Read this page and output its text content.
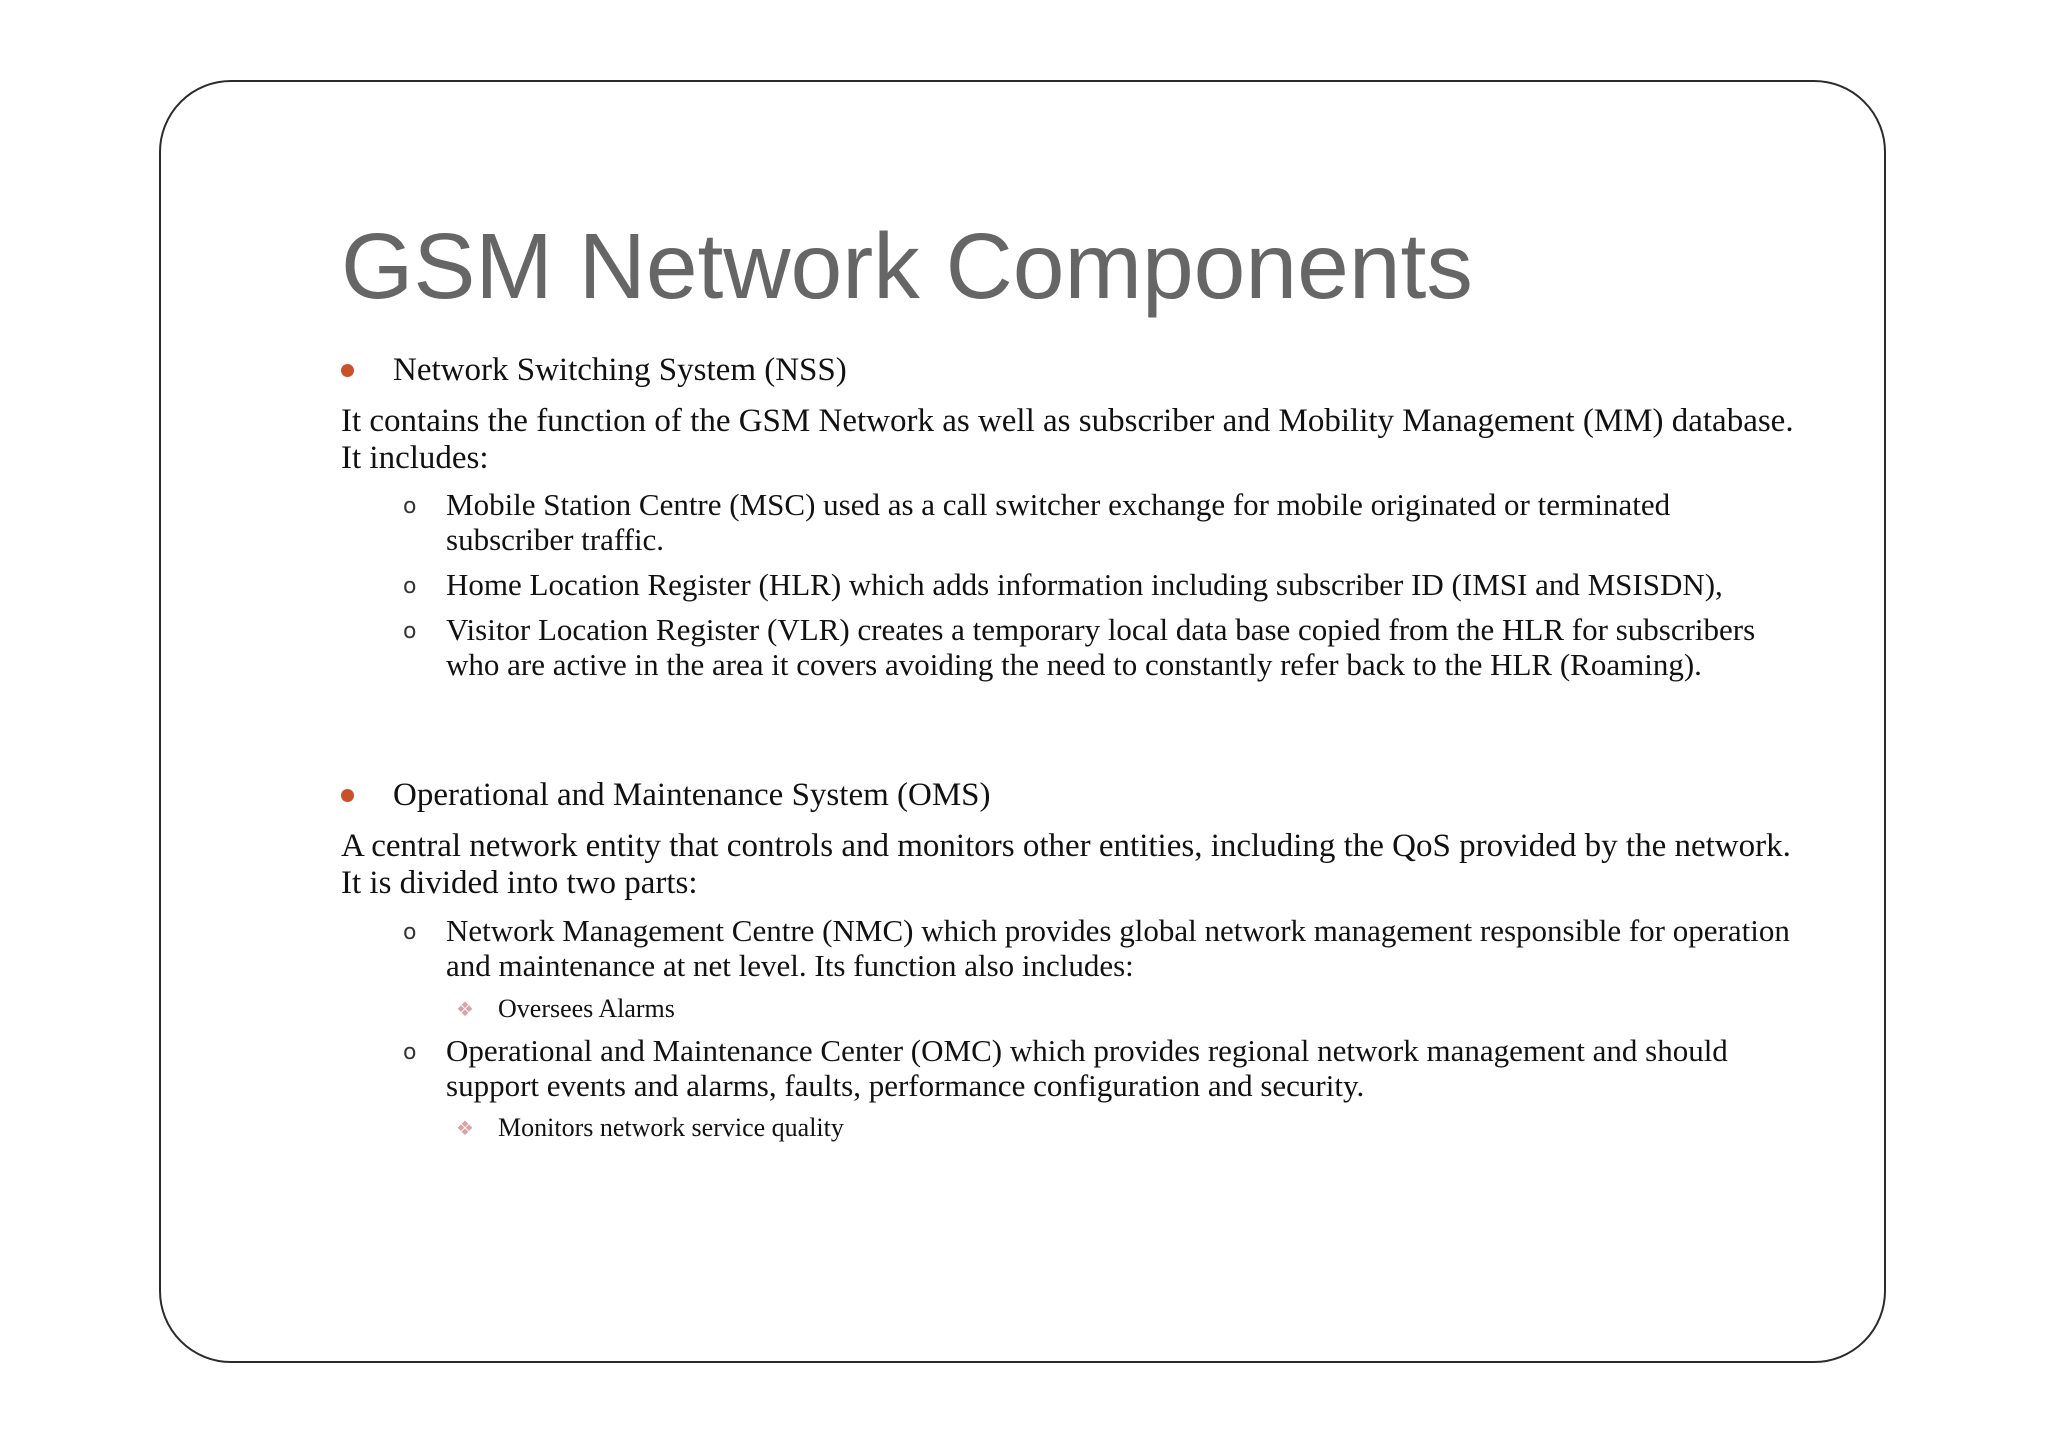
GSM Network Components
Network Switching System (NSS)

It contains the function of the GSM Network as well as subscriber and Mobility Management (MM) database. It includes:

o Mobile Station Centre (MSC) used as a call switcher exchange for mobile originated or terminated subscriber traffic.
o Home Location Register (HLR) which adds information including subscriber ID (IMSI and MSISDN),
o Visitor Location Register (VLR) creates a temporary local data base copied from the HLR for subscribers who are active in the area it covers avoiding the need to constantly refer back to the HLR (Roaming).
Operational and Maintenance System (OMS)

A central network entity that controls and monitors other entities, including the QoS provided by the network. It is divided into two parts:

o Network Management Centre (NMC) which provides global network management responsible for operation and maintenance at net level. Its function also includes:
❖ Oversees Alarms
o Operational and Maintenance Center (OMC) which provides regional network management and should support events and alarms, faults, performance configuration and security.
❖ Monitors network service quality
